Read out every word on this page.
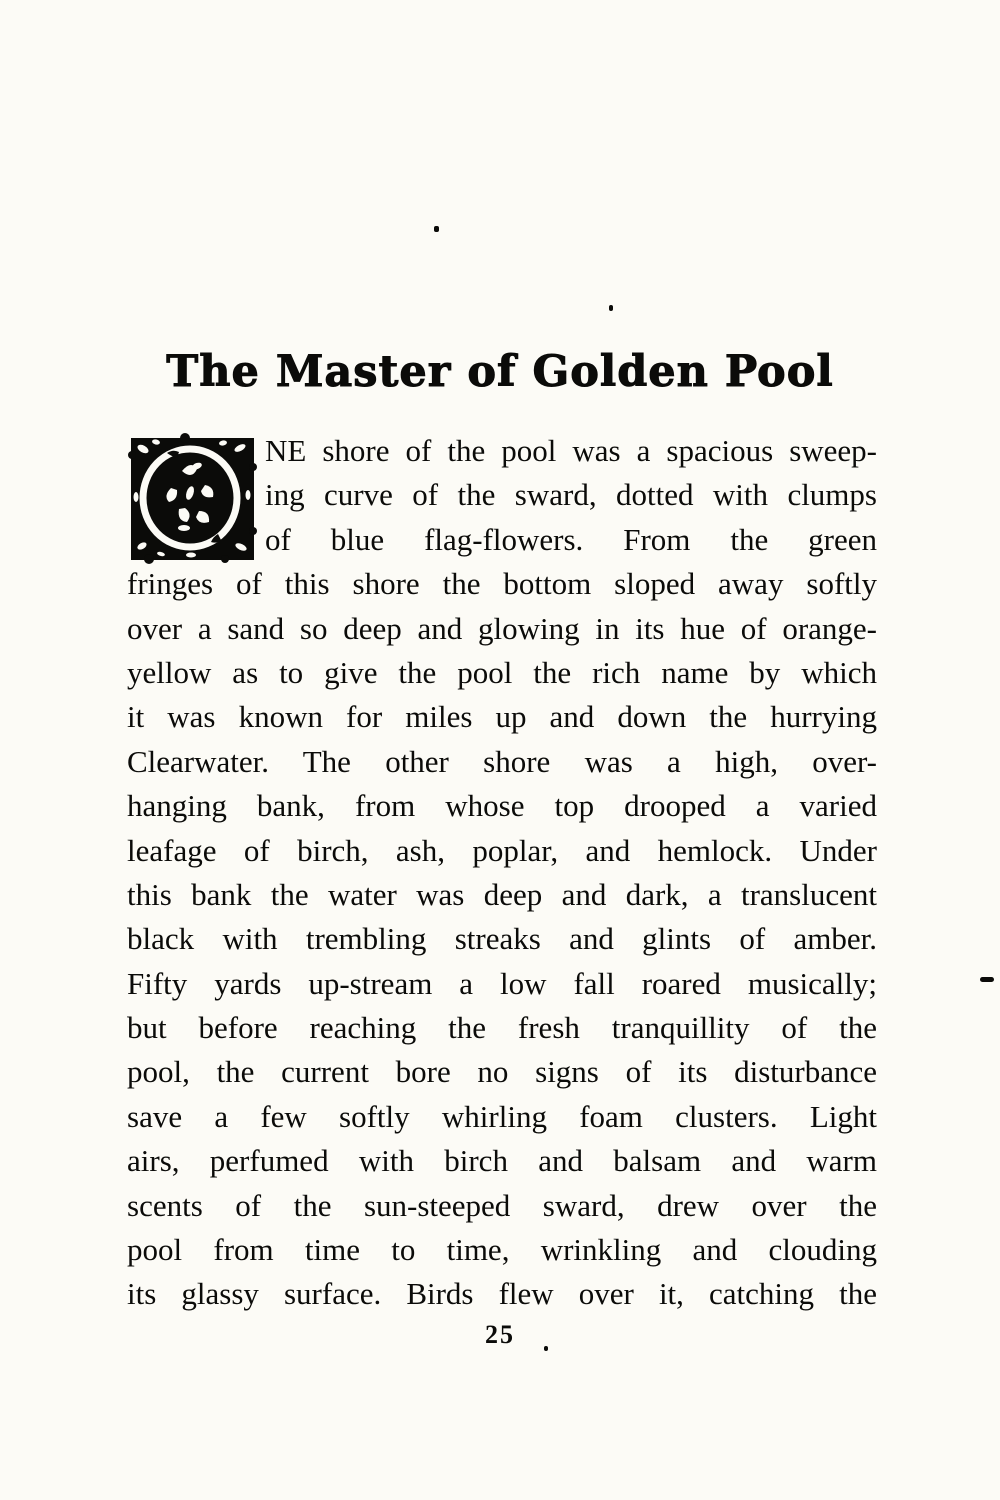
The Master of Golden Pool
NE shore of the pool was a spacious sweep-
ing curve of the sward, dotted with clumps
of blue flag-flowers. From the green
fringes of this shore the bottom sloped away softly
over a sand so deep and glowing in its hue of orange-
yellow as to give the pool the rich name by which
it was known for miles up and down the hurrying
Clearwater. The other shore was a high, over-
hanging bank, from whose top drooped a varied
leafage of birch, ash, poplar, and hemlock. Under
this bank the water was deep and dark, a translucent
black with trembling streaks and glints of amber.
Fifty yards up-stream a low fall roared musically;
but before reaching the fresh tranquillity of the
pool, the current bore no signs of its disturbance
save a few softly whirling foam clusters. Light
airs, perfumed with birch and balsam and warm
scents of the sun-steeped sward, drew over the
pool from time to time, wrinkling and clouding
its glassy surface. Birds flew over it, catching the
25
